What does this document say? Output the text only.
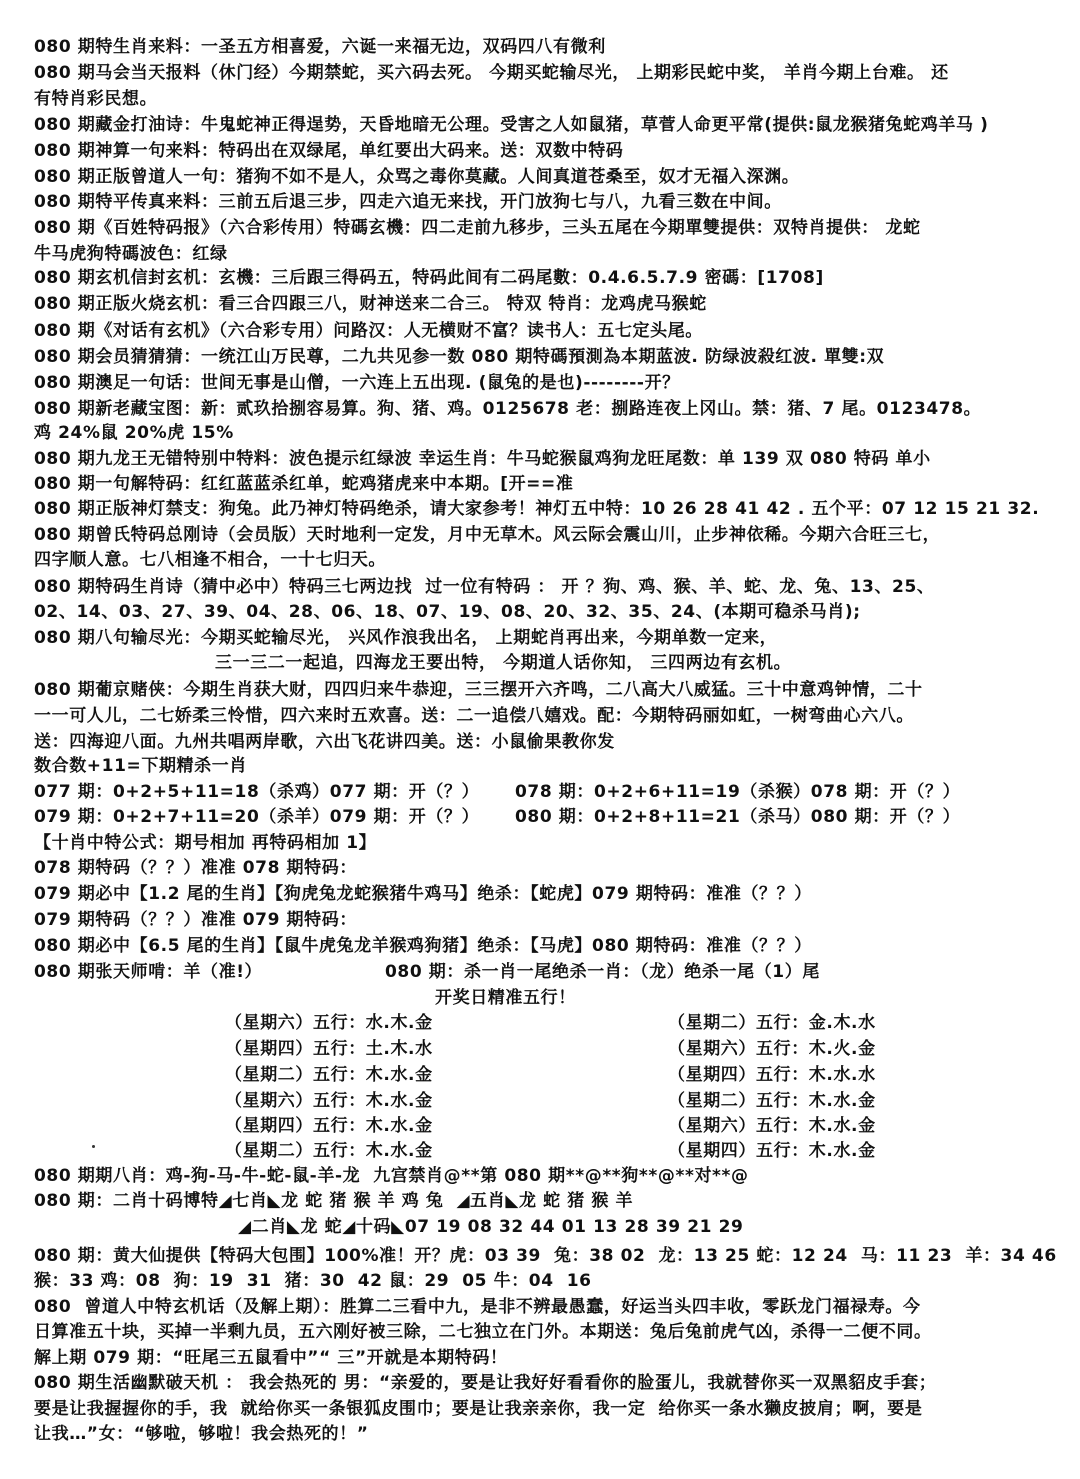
080 期特生肖来料：一圣五方相喜爱，六诞一来福无边，双码四八有微利
080 期马会当天报料（休门经）今期禁蛇，买六码去死。 今期买蛇输尽光， 上期彩民蛇中奖， 羊肖今期上台难。 还
有特肖彩民想。
080 期藏金打油诗：牛鬼蛇神正得逞势，天昏地暗无公理。受害之人如鼠猪，草菅人命更平常(提供:鼠龙猴猪兔蛇鸡羊马 )
080 期神算一句来料：特码出在双绿尾，单红要出大码来。送：双数中特码
080 期正版曾道人一句：猪狗不如不是人，众骂之毒你莫藏。人间真道苍桑至，奴才无福入深渊。
080 期特平传真来料：三前五后退三步，四走六追无来找，开门放狗七与八，九看三数在中间。
080 期《百姓特码报》（六合彩传用）特碼玄機：四二走前九移步，三头五尾在今期單雙提供：双特肖提供： 龙蛇
牛马虎狗特碼波色：红绿
080 期玄机信封玄机：玄機：三后跟三得码五，特码此间有二码尾數：0.4.6.5.7.9 密碼：[1708]
080 期正版火烧玄机：看三合四跟三八，财神送来二合三。 特双 特肖：龙鸡虎马猴蛇
080 期《对话有玄机》（六合彩专用）问路汉：人无横财不富？读书人：五七定头尾。
080 期会员猜猜猜：一统江山万民尊，二九共见参一数 080 期特碼預測為本期蓝波. 防绿波殺红波. 單雙:双
080 期澳足一句话：世间无事是山僧，一六连上五出现. (鼠兔的是也)--------开？
080 期新老藏宝图：新：贰玖拾捌容易算。狗、猪、鸡。0125678 老：捌路连夜上冈山。禁：猪、7 尾。0123478。
鸡 24%鼠 20%虎 15%
080 期九龙王无错特别中特料：波色提示红绿波 幸运生肖：牛马蛇猴鼠鸡狗龙旺尾数：单 139 双 080 特码 单小
080 期一句解特码：红红蓝蓝杀红单，蛇鸡猪虎来中本期。[开==准
080 期正版神灯禁支：狗兔。此乃神灯特码绝杀，请大家参考！神灯五中特：10 26 28 41 42 . 五个平：07 12 15 21 32.
080 期曾氏特码总刚诗（会员版）天时地利一定发，月中无草木。风云际会震山川，止步神依稀。今期六合旺三七，
四字顺人意。七八相逢不相合，一十七归天。
080 期特码生肖诗（猜中必中）特码三七两边找  过一位有特码 ： 开 ？狗、鸡、猴、羊、蛇、龙、兔、13、25、
02、14、03、27、39、04、28、06、18、07、19、08、20、32、35、24、(本期可稳杀马肖);
080 期八句输尽光：今期买蛇输尽光， 兴风作浪我出名， 上期蛇肖再出来，今期单数一定来，
三一三二一起追，四海龙王要出特， 今期道人话你知， 三四两边有玄机。
080 期葡京赌侠：今期生肖获大财，四四归来牛恭迎，三三摆开六齐鸣，二八高大八威猛。三十中意鸡钟情，二十
一一可人儿，二七娇柔三怜惜，四六来时五欢喜。送：二一追偿八嬉戏。配：今期特码丽如虹，一树弯曲心六八。
送：四海迎八面。九州共唱两岸歌，六出飞花讲四美。送：小鼠偷果教你发
数合数+11=下期精杀一肖
077 期：0+2+5+11=18（杀鸡）077 期：开（？） 078 期：0+2+6+11=19（杀猴）078 期：开（？）
079 期：0+2+7+11=20（杀羊）079 期：开（？） 080 期：0+2+8+11=21（杀马）080 期：开（？）
【十肖中特公式：期号相加 再特码相加 1】
078 期特码（？？）准准 078 期特码：
079 期必中【1.2 尾的生肖】【狗虎兔龙蛇猴猪牛鸡马】绝杀：【蛇虎】079 期特码：准准（？？）
079 期特码（？？）准准 079 期特码：
080 期必中【6.5 尾的生肖】【鼠牛虎兔龙羊猴鸡狗猪】绝杀：【马虎】080 期特码：准准（？？）
080 期张天师啃：羊（准!）	080 期：杀一肖一尾绝杀一肖：（龙）绝杀一尾（1）尾
开奖日精准五行！
（星期六）五行：水.木.金
（星期四）五行：土.木.水
（星期二）五行：木.水.金
（星期六）五行：木.水.金
（星期四）五行：木.水.金
（星期二）五行：木.水.金
（星期二）五行：金.木.水
（星期六）五行：木.火.金
（星期四）五行：木.水.水
（星期二）五行：木.水.金
（星期六）五行：木.水.金
（星期四）五行：木.水.金
080 期期八肖：鸡-狗-马-牛-蛇-鼠-羊-龙  九宫禁肖@**第 080 期**@**狗**@**对**@
080 期：二肖十码博特◢七肖◣龙 蛇 猪 猴 羊 鸡 兔  ◢五肖◣龙 蛇 猪 猴 羊
◢二肖◣龙 蛇◢十码◣07 19 08 32 44 01 13 28 39 21 29
080 期：黄大仙提供【特码大包围】100%准！开？虎：03 39  兔：38 02  龙：13 25 蛇：12 24  马：11 23  羊：34 46
猴：33 鸡：08  狗：19  31  猪：30  42 鼠：29  05 牛：04  16
080  曾道人中特玄机话（及解上期）：胜算二三看中九，是非不辨最愚蠢，好运当头四丰收，零跃龙门福禄寿。今
日算准五十块，买掉一半剩九员，五六刚好被三除，二七独立在门外。本期送：兔后兔前虎气凶，杀得一二便不同。
解上期 079 期：“旺尾三五鼠看中”“ 三”开就是本期特码！
080 期生活幽默破天机 ： 我会热死的 男：“亲爱的，要是让我好好看看你的脸蛋儿，我就替你买一双黑貂皮手套；
要是让我握握你的手，我  就给你买一条银狐皮围巾；要是让我亲亲你，我一定  给你买一条水獭皮披肩；啊，要是
让我…”女：“够啦，够啦！我会热死的！”
